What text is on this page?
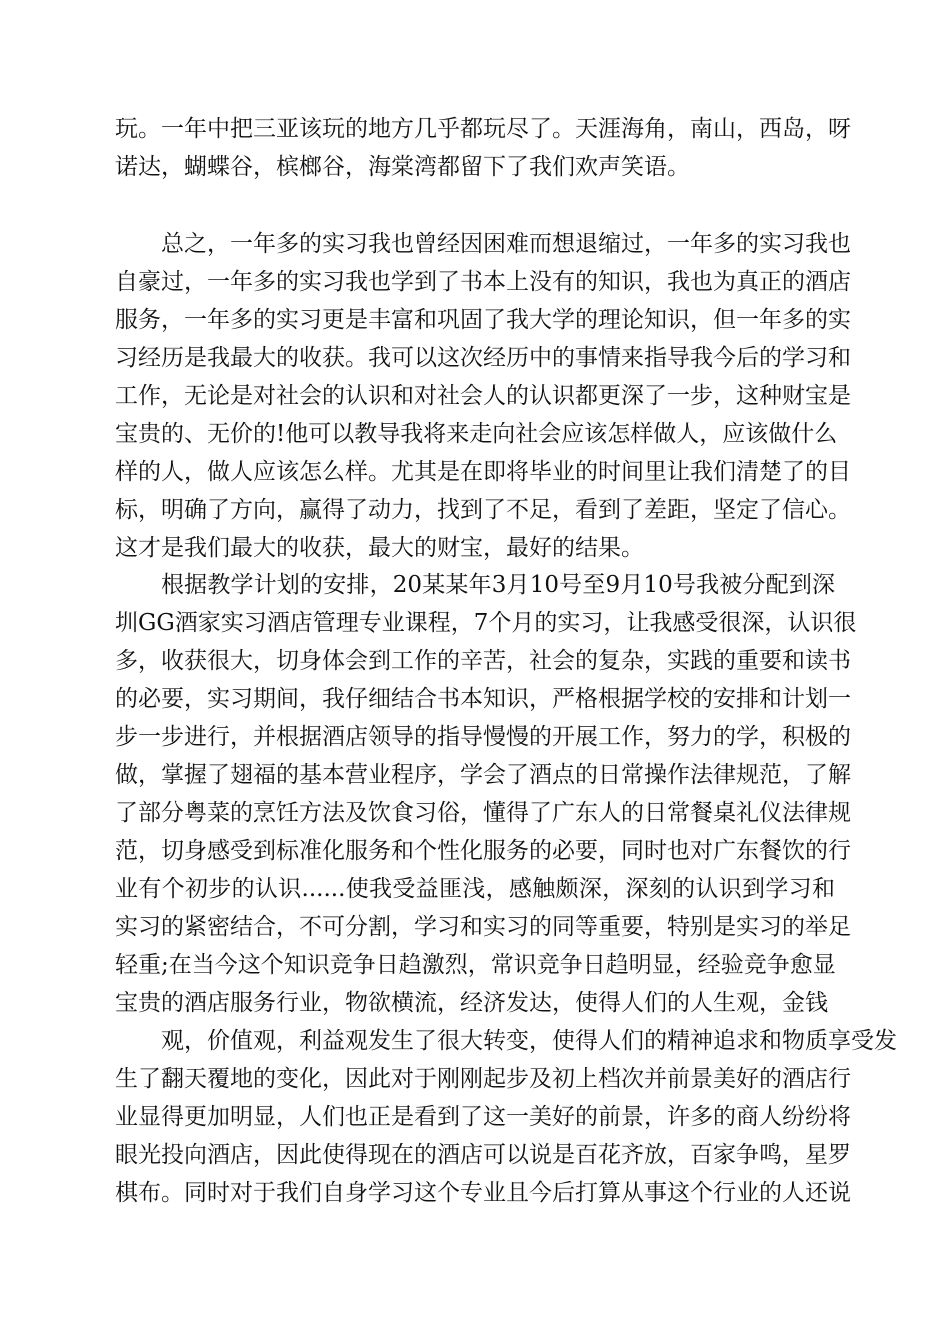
玩。一年中把三亚该玩的地方几乎都玩尽了。天涯海角，南山，西岛，呀
诺达，蝴蝶谷，槟榔谷，海棠湾都留下了我们欢声笑语。
总之，一年多的实习我也曾经因困难而想退缩过，一年多的实习我也
自豪过，一年多的实习我也学到了书本上没有的知识，我也为真正的酒店
服务，一年多的实习更是丰富和巩固了我大学的理论知识，但一年多的实
习经历是我最大的收获。我可以这次经历中的事情来指导我今后的学习和
工作，无论是对社会的认识和对社会人的认识都更深了一步，这种财宝是
宝贵的、无价的!他可以教导我将来走向社会应该怎样做人，应该做什么
样的人，做人应该怎么样。尤其是在即将毕业的时间里让我们清楚了的目
标，明确了方向，赢得了动力，找到了不足，看到了差距，坚定了信心。
这才是我们最大的收获，最大的财宝，最好的结果。
根据教学计划的安排，20某某年3月10号至9月10号我被分配到深
圳GG酒家实习酒店管理专业课程，7个月的实习，让我感受很深，认识很
多，收获很大，切身体会到工作的辛苦，社会的复杂，实践的重要和读书
的必要，实习期间，我仔细结合书本知识，严格根据学校的安排和计划一
步一步进行，并根据酒店领导的指导慢慢的开展工作，努力的学，积极的
做，掌握了翅福的基本营业程序，学会了酒点的日常操作法律规范，了解
了部分粤菜的烹饪方法及饮食习俗，懂得了广东人的日常餐桌礼仪法律规
范，切身感受到标准化服务和个性化服务的必要，同时也对广东餐饮的行
业有个初步的认识......使我受益匪浅，感触颇深，深刻的认识到学习和
实习的紧密结合，不可分割，学习和实习的同等重要，特别是实习的举足
轻重;在当今这个知识竞争日趋激烈，常识竞争日趋明显，经验竞争愈显
宝贵的酒店服务行业，物欲横流，经济发达，使得人们的人生观，金钱
观，价值观，利益观发生了很大转变，使得人们的精神追求和物质享受发
生了翻天覆地的变化，因此对于刚刚起步及初上档次并前景美好的酒店行
业显得更加明显，人们也正是看到了这一美好的前景，许多的商人纷纷将
眼光投向酒店，因此使得现在的酒店可以说是百花齐放，百家争鸣，星罗
棋布。同时对于我们自身学习这个专业且今后打算从事这个行业的人还说
